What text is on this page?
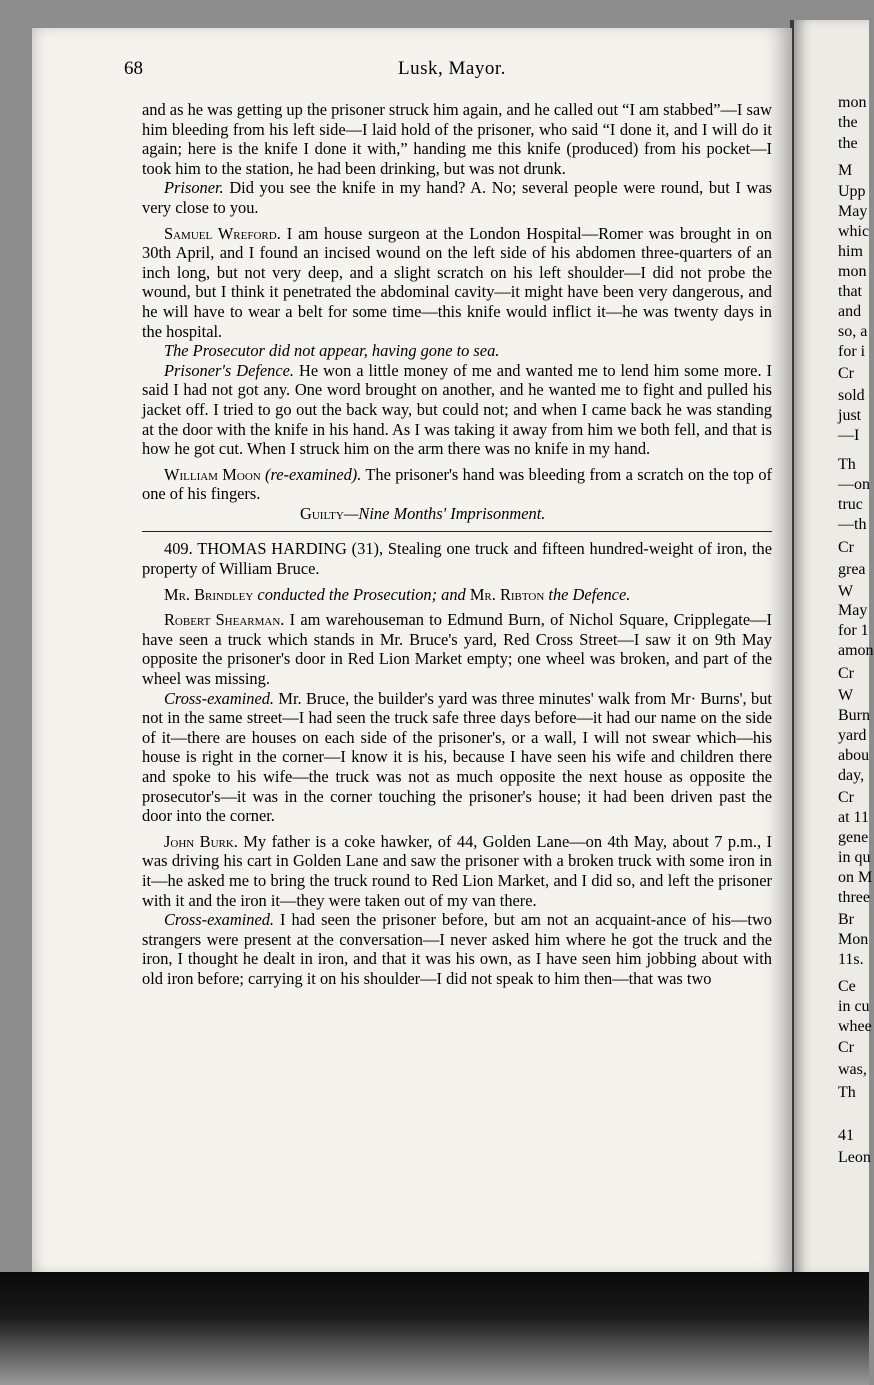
68	Lusk, Mayor.

and as he was getting up the prisoner struck him again, and he called out “I am stabbed”—I saw him bleeding from his left side—I laid hold of the prisoner, who said “I done it, and I will do it again; here is the knife I done it with,” handing me this knife (produced) from his pocket—I took him to the station, he had been drinking, but was not drunk.

Prisoner. Did you see the knife in my hand? A. No; several people were round, but I was very close to you.

Samuel Wreford. I am house surgeon at the London Hospital—Romer was brought in on 30th April, and I found an incised wound on the left side of his abdomen three-quarters of an inch long, but not very deep, and a slight scratch on his left shoulder—I did not probe the wound, but I think it penetrated the abdominal cavity—it might have been very dangerous, and he will have to wear a belt for some time—this knife would inflict it—he was twenty days in the hospital.

The Prosecutor did not appear, having gone to sea.

Prisoner's Defence. He won a little money of me and wanted me to lend him some more. I said I had not got any. One word brought on another, and he wanted me to fight and pulled his jacket off. I tried to go out the back way, but could not; and when I came back he was standing at the door with the knife in his hand. As I was taking it away from him we both fell, and that is how he got cut. When I struck him on the arm there was no knife in my hand.

William Moon (re-examined). The prisoner's hand was bleeding from a scratch on the top of one of his fingers.

Guilty—Nine Months' Imprisonment.

409. THOMAS HARDING (31), Stealing one truck and fifteen hundred-weight of iron, the property of William Bruce.

Mr. Brindley conducted the Prosecution; and Mr. Ribton the Defence.

Robert Shearman. I am warehouseman to Edmund Burn, of Nichol Square, Cripplegate—I have seen a truck which stands in Mr. Bruce's yard, Red Cross Street—I saw it on 9th May opposite the prisoner's door in Red Lion Market empty; one wheel was broken, and part of the wheel was missing.

Cross-examined. Mr. Bruce, the builder's yard was three minutes' walk from Mr· Burns', but not in the same street—I had seen the truck safe three days before—it had our name on the side of it—there are houses on each side of the prisoner's, or a wall, I will not swear which—his house is right in the corner—I know it is his, because I have seen his wife and children there and spoke to his wife—the truck was not as much opposite the next house as opposite the prosecutor's—it was in the corner touching the prisoner's house; it had been driven past the door into the corner.

John Burk. My father is a coke hawker, of 44, Golden Lane—on 4th May, about 7 p.m., I was driving his cart in Golden Lane and saw the prisoner with a broken truck with some iron in it—he asked me to bring the truck round to Red Lion Market, and I did so, and left the prisoner with it and the iron it—they were taken out of my van there.

Cross-examined. I had seen the prisoner before, but am not an acquaint-ance of his—two strangers were present at the conversation—I never asked him where he got the truck and the iron, I thought he dealt in iron, and that it was his own, as I have seen him jobbing about with old iron before; carrying it on his shoulder—I did not speak to him then—that was two

mon
the
the
M
Upp
May
whic
him
mon
that
and
so, a
for i
Cr
sold
just
—I
Th
—on
truc
—th
Cr
grea
W
May
for 1
amon
Cr
W
Burn
yard
abou
day,
Cr
at 11
gene
in qu
on M
three
Br
Mon
11s.
Ce
in cu
whee
Cr
was,
Th
41
Leon
